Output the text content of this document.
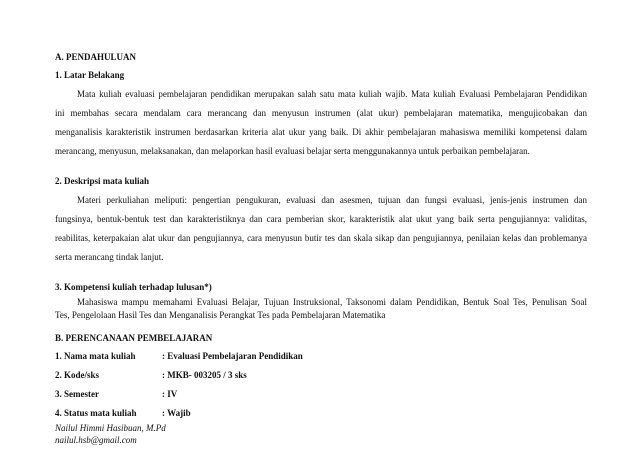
A. PENDAHULUAN
1. Latar Belakang
Mata kuliah evaluasi pembelajaran pendidikan merupakan salah satu mata kuliah wajib. Mata kuliah Evaluasi Pembelajaran Pendidikan
ini membahas secara mendalam cara merancang dan menyusun instrumen (alat ukur) pembelajaran matematika, mengujicobakan dan
menganalisis karakteristik instrumen berdasarkan kriteria alat ukur yang baik. Di akhir pembelajaran mahasiswa memiliki kompetensi dalam
merancang, menyusun, melaksanakan, dan melaporkan hasil evaluasi belajar serta menggunakannya untuk perbaikan pembelajaran.
2. Deskripsi mata kuliah
Materi perkuliahan meliputi: pengertian pengukuran, evaluasi dan asesmen, tujuan dan fungsi evaluasi, jenis-jenis instrumen dan
fungsinya, bentuk-bentuk test dan karakteristiknya dan cara pemberian skor, karakteristik alat ukut yang baik serta pengujiannya: validitas,
reabilitas, keterpakaian alat ukur dan pengujiannya, cara menyusun butir tes dan skala sikap dan pengujiannya, penilaian kelas dan problemanya
serta merancang tindak lanjut.
3. Kompetensi kuliah terhadap lulusan*)
Mahasiswa mampu memahami Evaluasi Belajar, Tujuan Instruksional, Taksonomi dalam Pendidikan, Bentuk Soal Tes, Penulisan Soal
Tes, Pengelolaan Hasil Tes dan Menganalisis Perangkat Tes pada Pembelajaran Matematika
B. PERENCANAAN PEMBELAJARAN
1. Nama mata kuliah	: Evaluasi Pembelajaran Pendidikan
2. Kode/sks	: MKB- 003205 / 3 sks
3. Semester	: IV
4. Status mata kuliah	: Wajib
Nailul Himmi Hasibuan, M.Pd
nailul.hsb@gmail.com
